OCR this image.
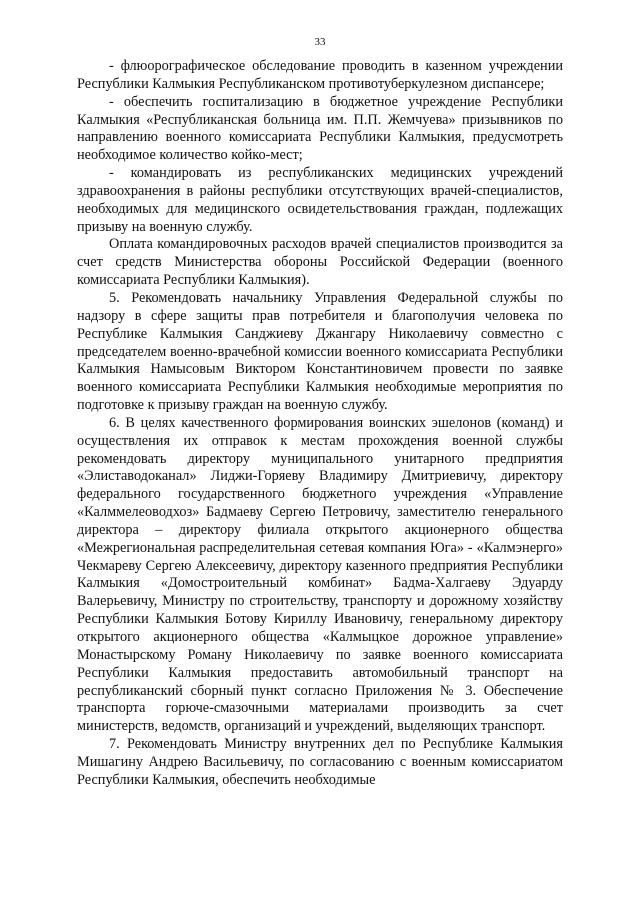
33

- флюорографическое обследование проводить в казенном учреждении Республики Калмыкия Республиканском противотуберкулезном диспансере;

- обеспечить госпитализацию в бюджетное учреждение Республики Калмыкия «Республиканская больница им. П.П. Жемчуева» призывников по направлению военного комиссариата Республики Калмыкия, предусмотреть необходимое количество койко-мест;

- командировать из республиканских медицинских учреждений здравоохранения в районы республики отсутствующих врачей-специалистов, необходимых для медицинского освидетельствования граждан, подлежащих призыву на военную службу.

Оплата командировочных расходов врачей специалистов производится за счет средств Министерства обороны Российской Федерации (военного комиссариата Республики Калмыкия).

5. Рекомендовать начальнику Управления Федеральной службы по надзору в сфере защиты прав потребителя и благополучия человека по Республике Калмыкия Санджиеву Джангару Николаевичу совместно с председателем военно-врачебной комиссии военного комиссариата Республики Калмыкия Намысовым Виктором Константиновичем провести по заявке военного комиссариата Республики Калмыкия необходимые мероприятия по подготовке к призыву граждан на военную службу.

6. В целях качественного формирования воинских эшелонов (команд) и осуществления их отправок к местам прохождения военной службы рекомендовать директору муниципального унитарного предприятия «Элиставодоканал» Лиджи-Горяеву Владимиру Дмитриевичу, директору федерального государственного бюджетного учреждения «Управление «Калммелеоводхоз» Бадмаеву Сергею Петровичу, заместителю генерального директора – директору филиала открытого акционерного общества «Межрегиональная распределительная сетевая компания Юга» - «Калмэнерго» Чекмареву Сергею Алексеевичу, директору казенного предприятия Республики Калмыкия «Домостроительный комбинат» Бадма-Халгаеву Эдуарду Валерьевичу, Министру по строительству, транспорту и дорожному хозяйству Республики Калмыкия Ботову Кириллу Ивановичу, генеральному директору открытого акционерного общества «Калмыцкое дорожное управление» Монастырскому Роману Николаевичу по заявке военного комиссариата Республики Калмыкия предоставить автомобильный транспорт на республиканский сборный пункт согласно Приложения № 3. Обеспечение транспорта горюче-смазочными материалами производить за счет министерств, ведомств, организаций и учреждений, выделяющих транспорт.

7. Рекомендовать Министру внутренних дел по Республике Калмыкия Мишагину Андрею Васильевичу, по согласованию с военным комиссариатом Республики Калмыкия, обеспечить необходимые
